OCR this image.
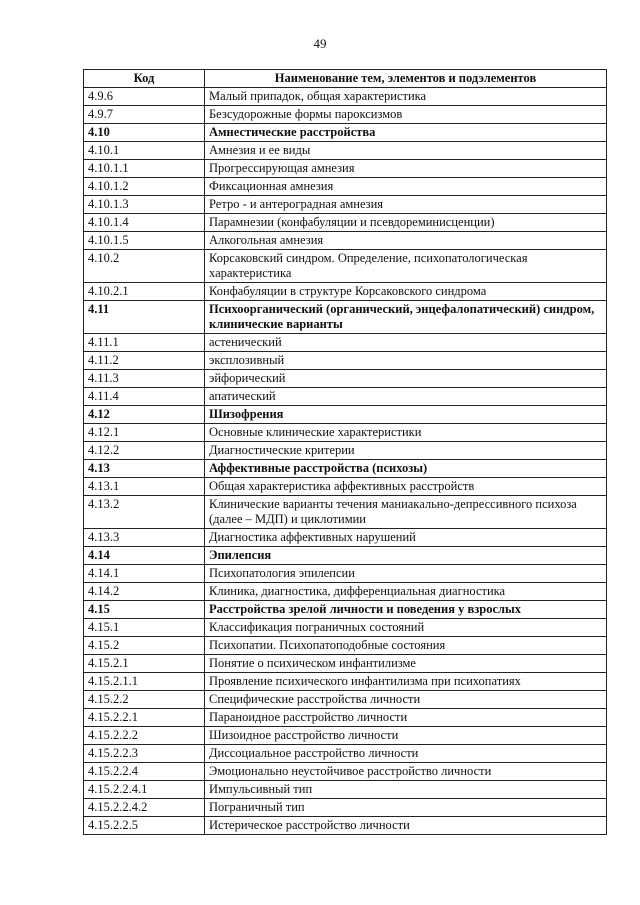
49
Код	Наименование тем, элементов и подэлементов
4.9.6	Малый припадок, общая характеристика
4.9.7	Безсудорожные формы пароксизмов
4.10	Амнестические расстройства
4.10.1	Амнезия и ее виды
4.10.1.1	Прогрессирующая амнезия
4.10.1.2	Фиксационная амнезия
4.10.1.3	Ретро - и антероградная амнезия
4.10.1.4	Парамнезии (конфабуляции и псевдореминисценции)
4.10.1.5	Алкогольная амнезия
4.10.2	Корсаковский синдром. Определение, психопатологическая характеристика
4.10.2.1	Конфабуляции в структуре Корсаковского синдрома
4.11	Психоорганический (органический, энцефалопатический) синдром, клинические варианты
4.11.1	астенический
4.11.2	эксплозивный
4.11.3	эйфорический
4.11.4	апатический
4.12	Шизофрения
4.12.1	Основные клинические характеристики
4.12.2	Диагностические критерии
4.13	Аффективные расстройства (психозы)
4.13.1	Общая характеристика аффективных расстройств
4.13.2	Клинические варианты течения маниакально-депрессивного психоза (далее – МДП) и циклотимии
4.13.3	Диагностика аффективных нарушений
4.14	Эпилепсия
4.14.1	Психопатология эпилепсии
4.14.2	Клиника, диагностика, дифференциальная диагностика
4.15	Расстройства зрелой личности и поведения у взрослых
4.15.1	Классификация пограничных состояний
4.15.2	Психопатии. Психопатоподобные состояния
4.15.2.1	Понятие о психическом инфантилизме
4.15.2.1.1	Проявление психического инфантилизма при психопатиях
4.15.2.2	Специфические расстройства личности
4.15.2.2.1	Параноидное расстройство личности
4.15.2.2.2	Шизоидное расстройство личности
4.15.2.2.3	Диссоциальное расстройство личности
4.15.2.2.4	Эмоционально неустойчивое расстройство личности
4.15.2.2.4.1	Импульсивный тип
4.15.2.2.4.2	Пограничный тип
4.15.2.2.5	Истерическое расстройство личности
